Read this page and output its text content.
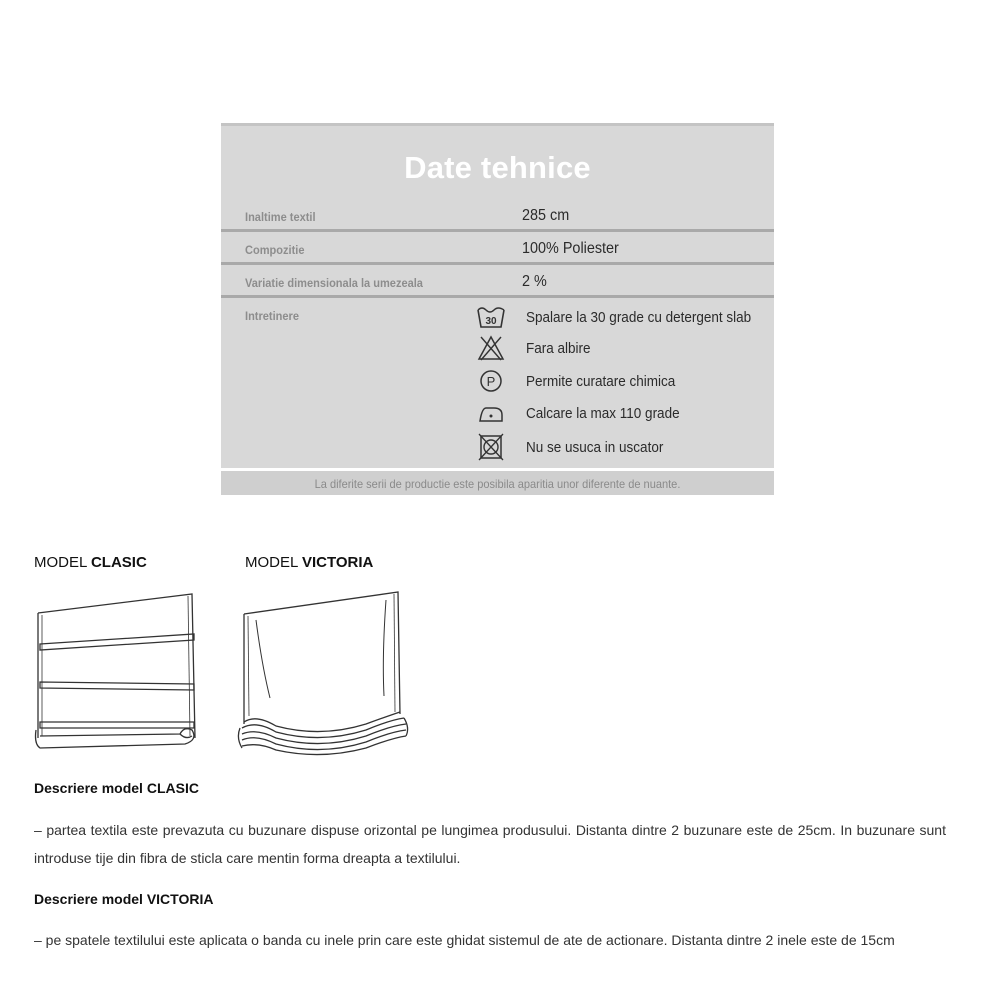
Date tehnice
Inaltime textil	285 cm
Compozitie	100% Poliester
Variatie dimensionala la umezeala	2 %
Intretinere	30 Spalare la 30 grade cu detergent slab
Fara albire
P Permite curatare chimica
Calcare la max 110 grade
Nu se usuca in uscator
La diferite serii de productie este posibila aparitia unor diferente de nuante.
MODEL CLASIC	MODEL VICTORIA
Descriere model CLASIC
– partea textila este prevazuta cu buzunare dispuse orizontal pe lungimea produsului. Distanta dintre 2 buzunare este de 25cm. In buzunare sunt introduse tije din fibra de sticla care mentin forma dreapta a textilului.
Descriere model VICTORIA
– pe spatele textilului este aplicata o banda cu inele prin care este ghidat sistemul de ate de actionare. Distanta dintre 2 inele este de 15cm
